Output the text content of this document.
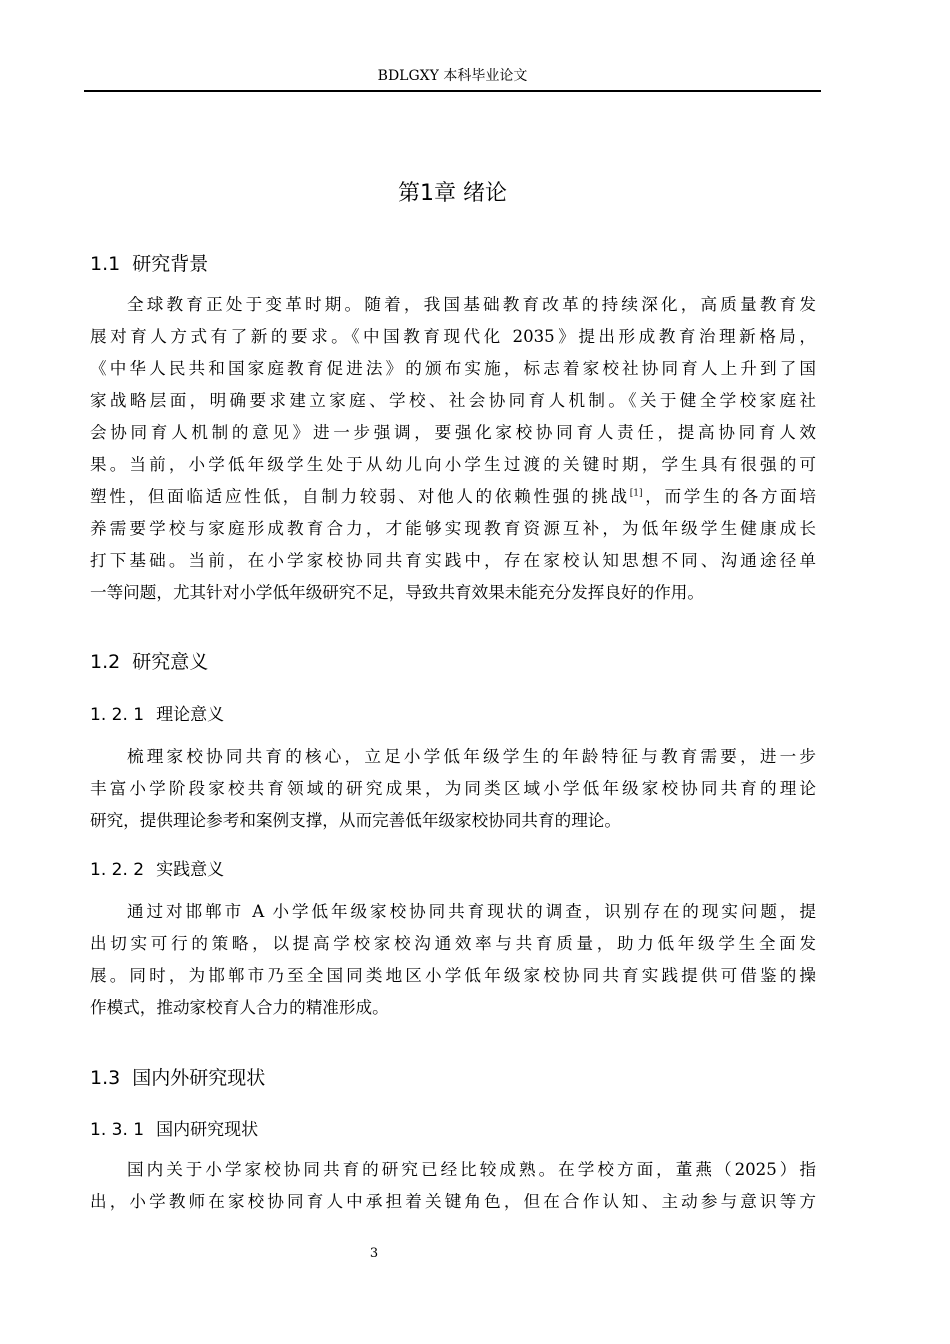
BDLGXY 本科毕业论文
第1章 绪论
1.1 研究背景
全球教育正处于变革时期。随着，我国基础教育改革的持续深化，高质量教育发
展对育人方式有了新的要求。《中国教育现代化 2035》提出形成教育治理新格局，
《中华人民共和国家庭教育促进法》的颁布实施，标志着家校社协同育人上升到了国
家战略层面，明确要求建立家庭、学校、社会协同育人机制。《关于健全学校家庭社
会协同育人机制的意见》进一步强调，要强化家校协同育人责任，提高协同育人效
果。当前，小学低年级学生处于从幼儿向小学生过渡的关键时期，学生具有很强的可
塑性，但面临适应性低，自制力较弱、对他人的依赖性强的挑战[1]，而学生的各方面培
养需要学校与家庭形成教育合力，才能够实现教育资源互补，为低年级学生健康成长
打下基础。当前，在小学家校协同共育实践中，存在家校认知思想不同、沟通途径单
一等问题，尤其针对小学低年级研究不足，导致共育效果未能充分发挥良好的作用。
1.2 研究意义
1. 2. 1 理论意义
梳理家校协同共育的核心，立足小学低年级学生的年龄特征与教育需要，进一步
丰富小学阶段家校共育领域的研究成果，为同类区域小学低年级家校协同共育的理论
研究，提供理论参考和案例支撑，从而完善低年级家校协同共育的理论。
1. 2. 2 实践意义
通过对邯郸市 A 小学低年级家校协同共育现状的调查，识别存在的现实问题，提
出切实可行的策略，以提高学校家校沟通效率与共育质量，助力低年级学生全面发
展。同时，为邯郸市乃至全国同类地区小学低年级家校协同共育实践提供可借鉴的操
作模式，推动家校育人合力的精准形成。
1.3 国内外研究现状
1. 3. 1 国内研究现状
国内关于小学家校协同共育的研究已经比较成熟。在学校方面，董燕（2025）指
出，小学教师在家校协同育人中承担着关键角色，但在合作认知、主动参与意识等方
3
